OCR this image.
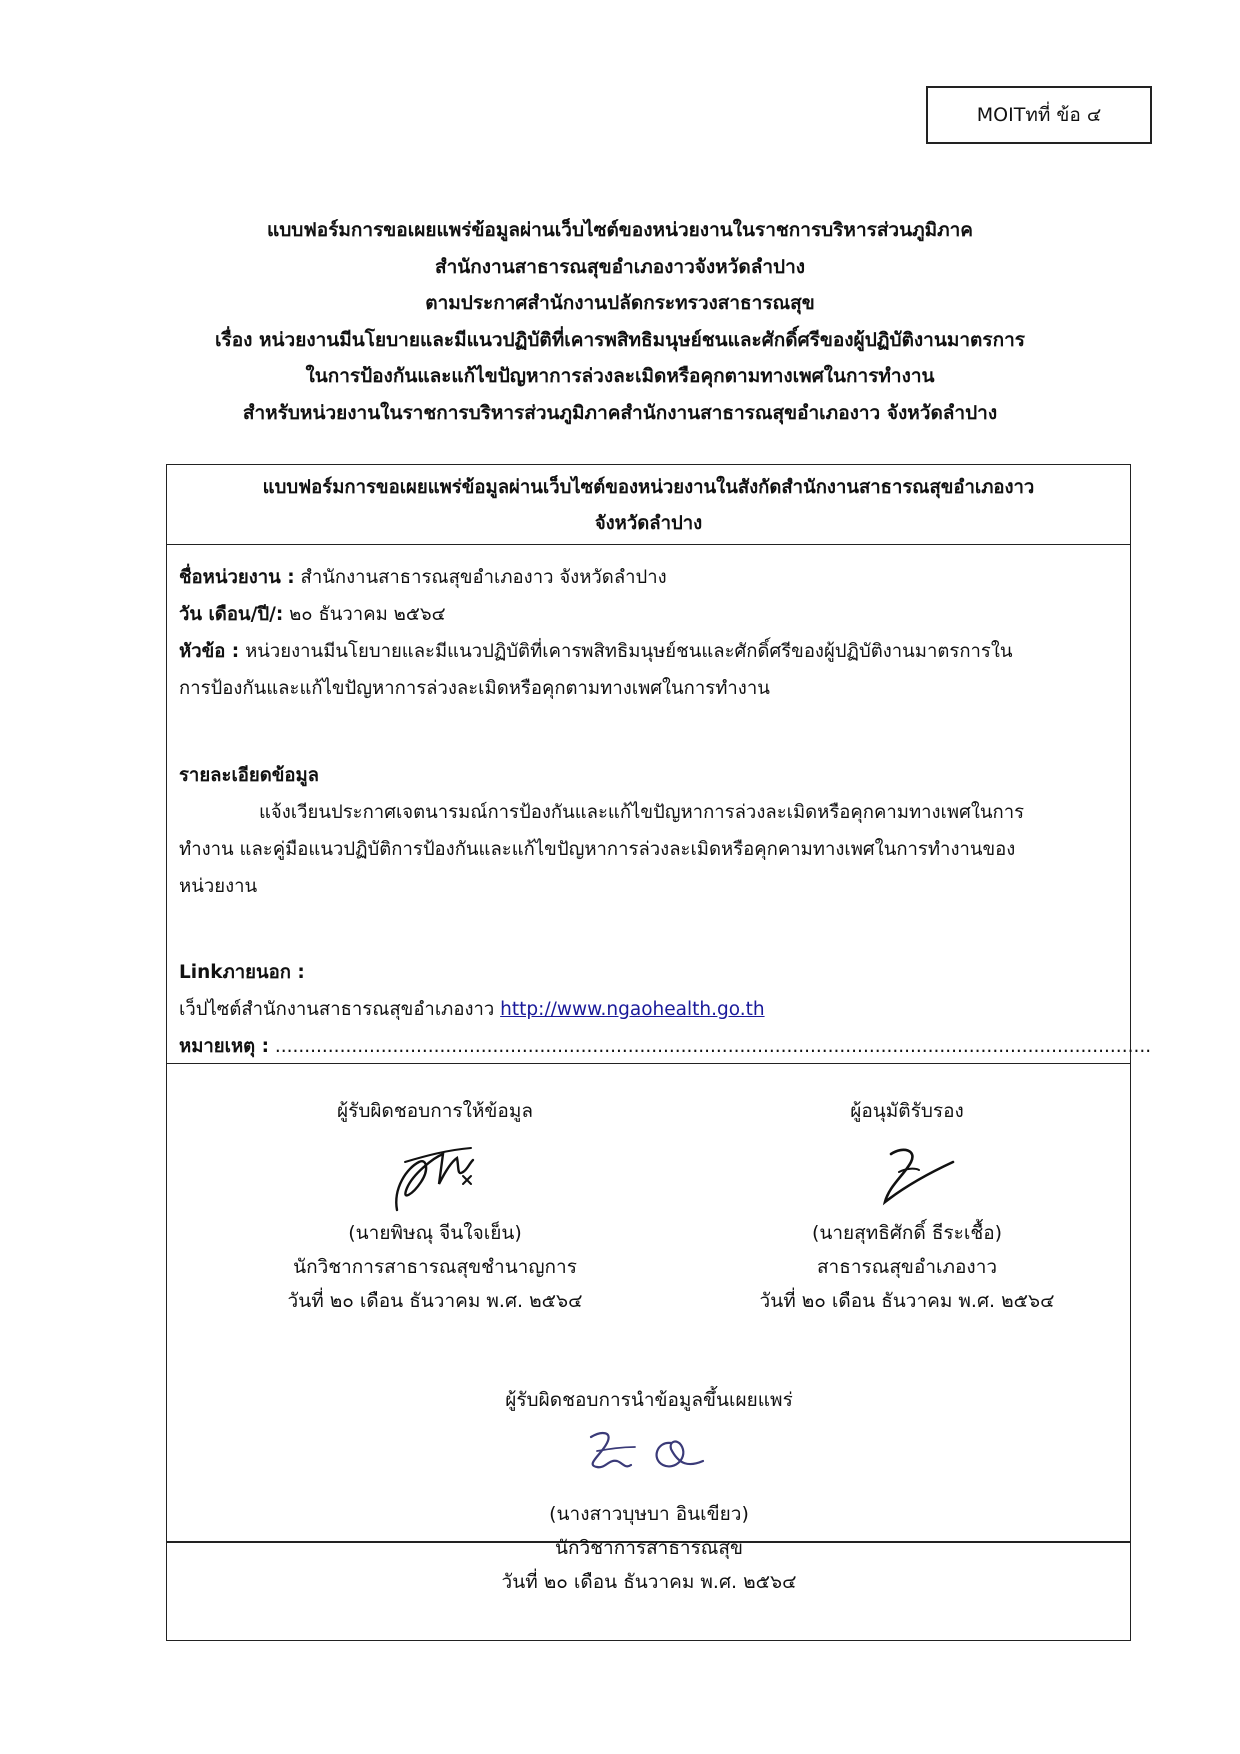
MOITทที่ ข้อ ๔
แบบฟอร์มการขอเผยแพร่ข้อมูลผ่านเว็บไซต์ของหน่วยงานในราชการบริหารส่วนภูมิภาค
สำนักงานสาธารณสุขอำเภองาวจังหวัดลำปาง
ตามประกาศสำนักงานปลัดกระทรวงสาธารณสุข
เรื่อง หน่วยงานมีนโยบายและมีแนวปฏิบัติที่เคารพสิทธิมนุษย์ชนและศักดิ์ศรีของผู้ปฏิบัติงานมาตรการ
ในการป้องกันและแก้ไขปัญหาการล่วงละเมิดหรือคุกตามทางเพศในการทำงาน
สำหรับหน่วยงานในราชการบริหารส่วนภูมิภาคสำนักงานสาธารณสุขอำเภองาว จังหวัดลำปาง
แบบฟอร์มการขอเผยแพร่ข้อมูลผ่านเว็บไซต์ของหน่วยงานในสังกัดสำนักงานสาธารณสุขอำเภองาว
จังหวัดลำปาง
ชื่อหน่วยงาน : สำนักงานสาธารณสุขอำเภองาว จังหวัดลำปาง
วัน เดือน/ปี/: ๒๐ ธันวาคม ๒๕๖๔
หัวข้อ : หน่วยงานมีนโยบายและมีแนวปฏิบัติที่เคารพสิทธิมนุษย์ชนและศักดิ์ศรีของผู้ปฏิบัติงานมาตรการใน
การป้องกันและแก้ไขปัญหาการล่วงละเมิดหรือคุกตามทางเพศในการทำงาน
รายละเอียดข้อมูล
แจ้งเวียนประกาศเจตนารมณ์การป้องกันและแก้ไขปัญหาการล่วงละเมิดหรือคุกคามทางเพศในการ
ทำงาน และคู่มือแนวปฏิบัติการป้องกันและแก้ไขปัญหาการล่วงละเมิดหรือคุกคามทางเพศในการทำงานของ
หน่วยงาน
Linkภายนอก :
เว็ปไซต์สำนักงานสาธารณสุขอำเภองาว http://www.ngaohealth.go.th
หมายเหตุ : .....................................................................................................................................................
ผู้รับผิดชอบการให้ข้อมูล
(นายพิษณุ จีนใจเย็น)
นักวิชาการสาธารณสุขชำนาญการ
วันที่ ๒๐ เดือน ธันวาคม พ.ศ. ๒๕๖๔
ผู้อนุมัติรับรอง
(นายสุทธิศักดิ์ ธีระเชื้อ)
สาธารณสุขอำเภองาว
วันที่ ๒๐ เดือน ธันวาคม พ.ศ. ๒๕๖๔
ผู้รับผิดชอบการนำข้อมูลขึ้นเผยแพร่
(นางสาวบุษบา อินเขียว)
นักวิชาการสาธารณสุข
วันที่ ๒๐ เดือน ธันวาคม พ.ศ. ๒๕๖๔
